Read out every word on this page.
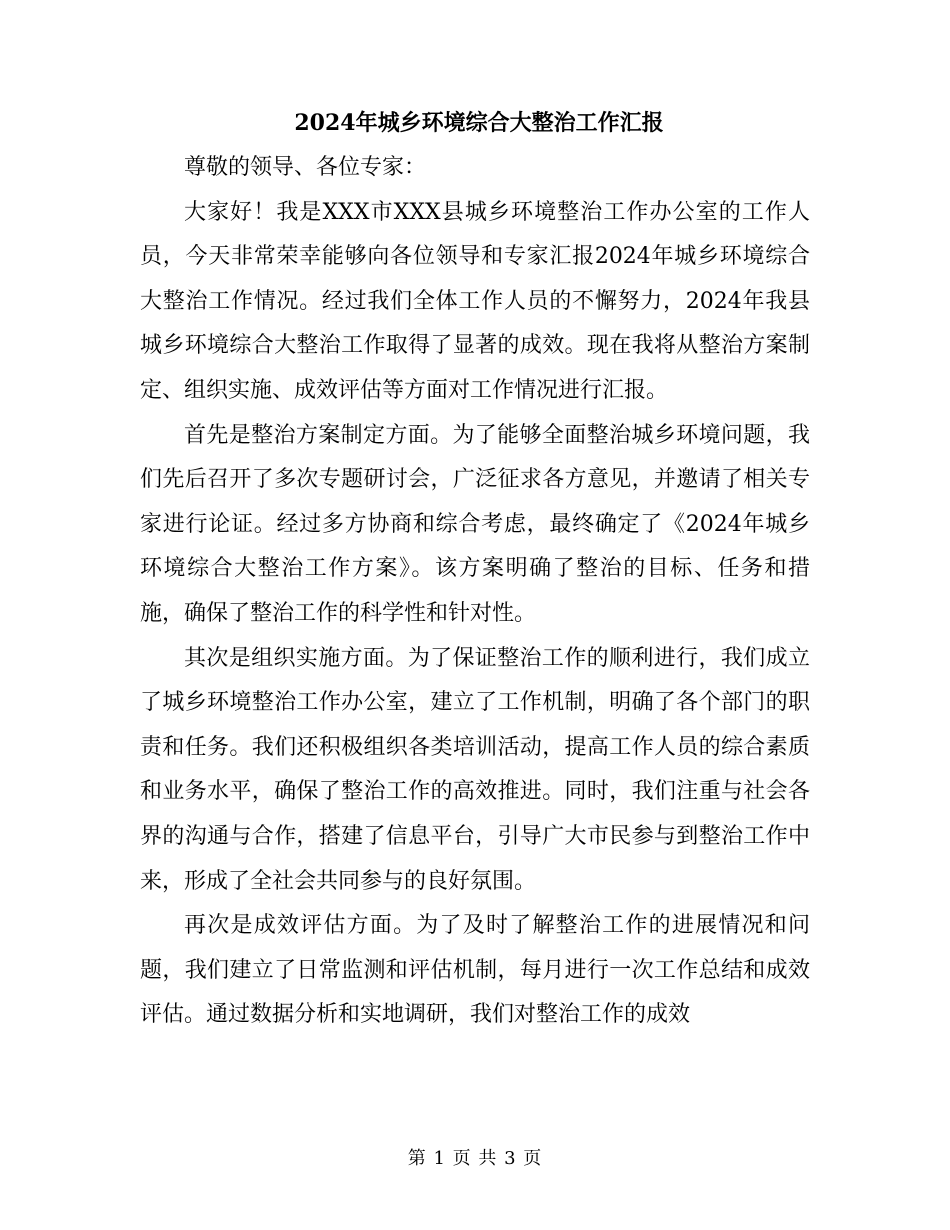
2024年城乡环境综合大整治工作汇报

尊敬的领导、各位专家：

大家好！我是XXX市XXX县城乡环境整治工作办公室的工作人员，今天非常荣幸能够向各位领导和专家汇报2024年城乡环境综合大整治工作情况。经过我们全体工作人员的不懈努力，2024年我县城乡环境综合大整治工作取得了显著的成效。现在我将从整治方案制定、组织实施、成效评估等方面对工作情况进行汇报。

首先是整治方案制定方面。为了能够全面整治城乡环境问题，我们先后召开了多次专题研讨会，广泛征求各方意见，并邀请了相关专家进行论证。经过多方协商和综合考虑，最终确定了《2024年城乡环境综合大整治工作方案》。该方案明确了整治的目标、任务和措施，确保了整治工作的科学性和针对性。

其次是组织实施方面。为了保证整治工作的顺利进行，我们成立了城乡环境整治工作办公室，建立了工作机制，明确了各个部门的职责和任务。我们还积极组织各类培训活动，提高工作人员的综合素质和业务水平，确保了整治工作的高效推进。同时，我们注重与社会各界的沟通与合作，搭建了信息平台，引导广大市民参与到整治工作中来，形成了全社会共同参与的良好氛围。

再次是成效评估方面。为了及时了解整治工作的进展情况和问题，我们建立了日常监测和评估机制，每月进行一次工作总结和成效评估。通过数据分析和实地调研，我们对整治工作的成效

第 1 页 共 3 页
